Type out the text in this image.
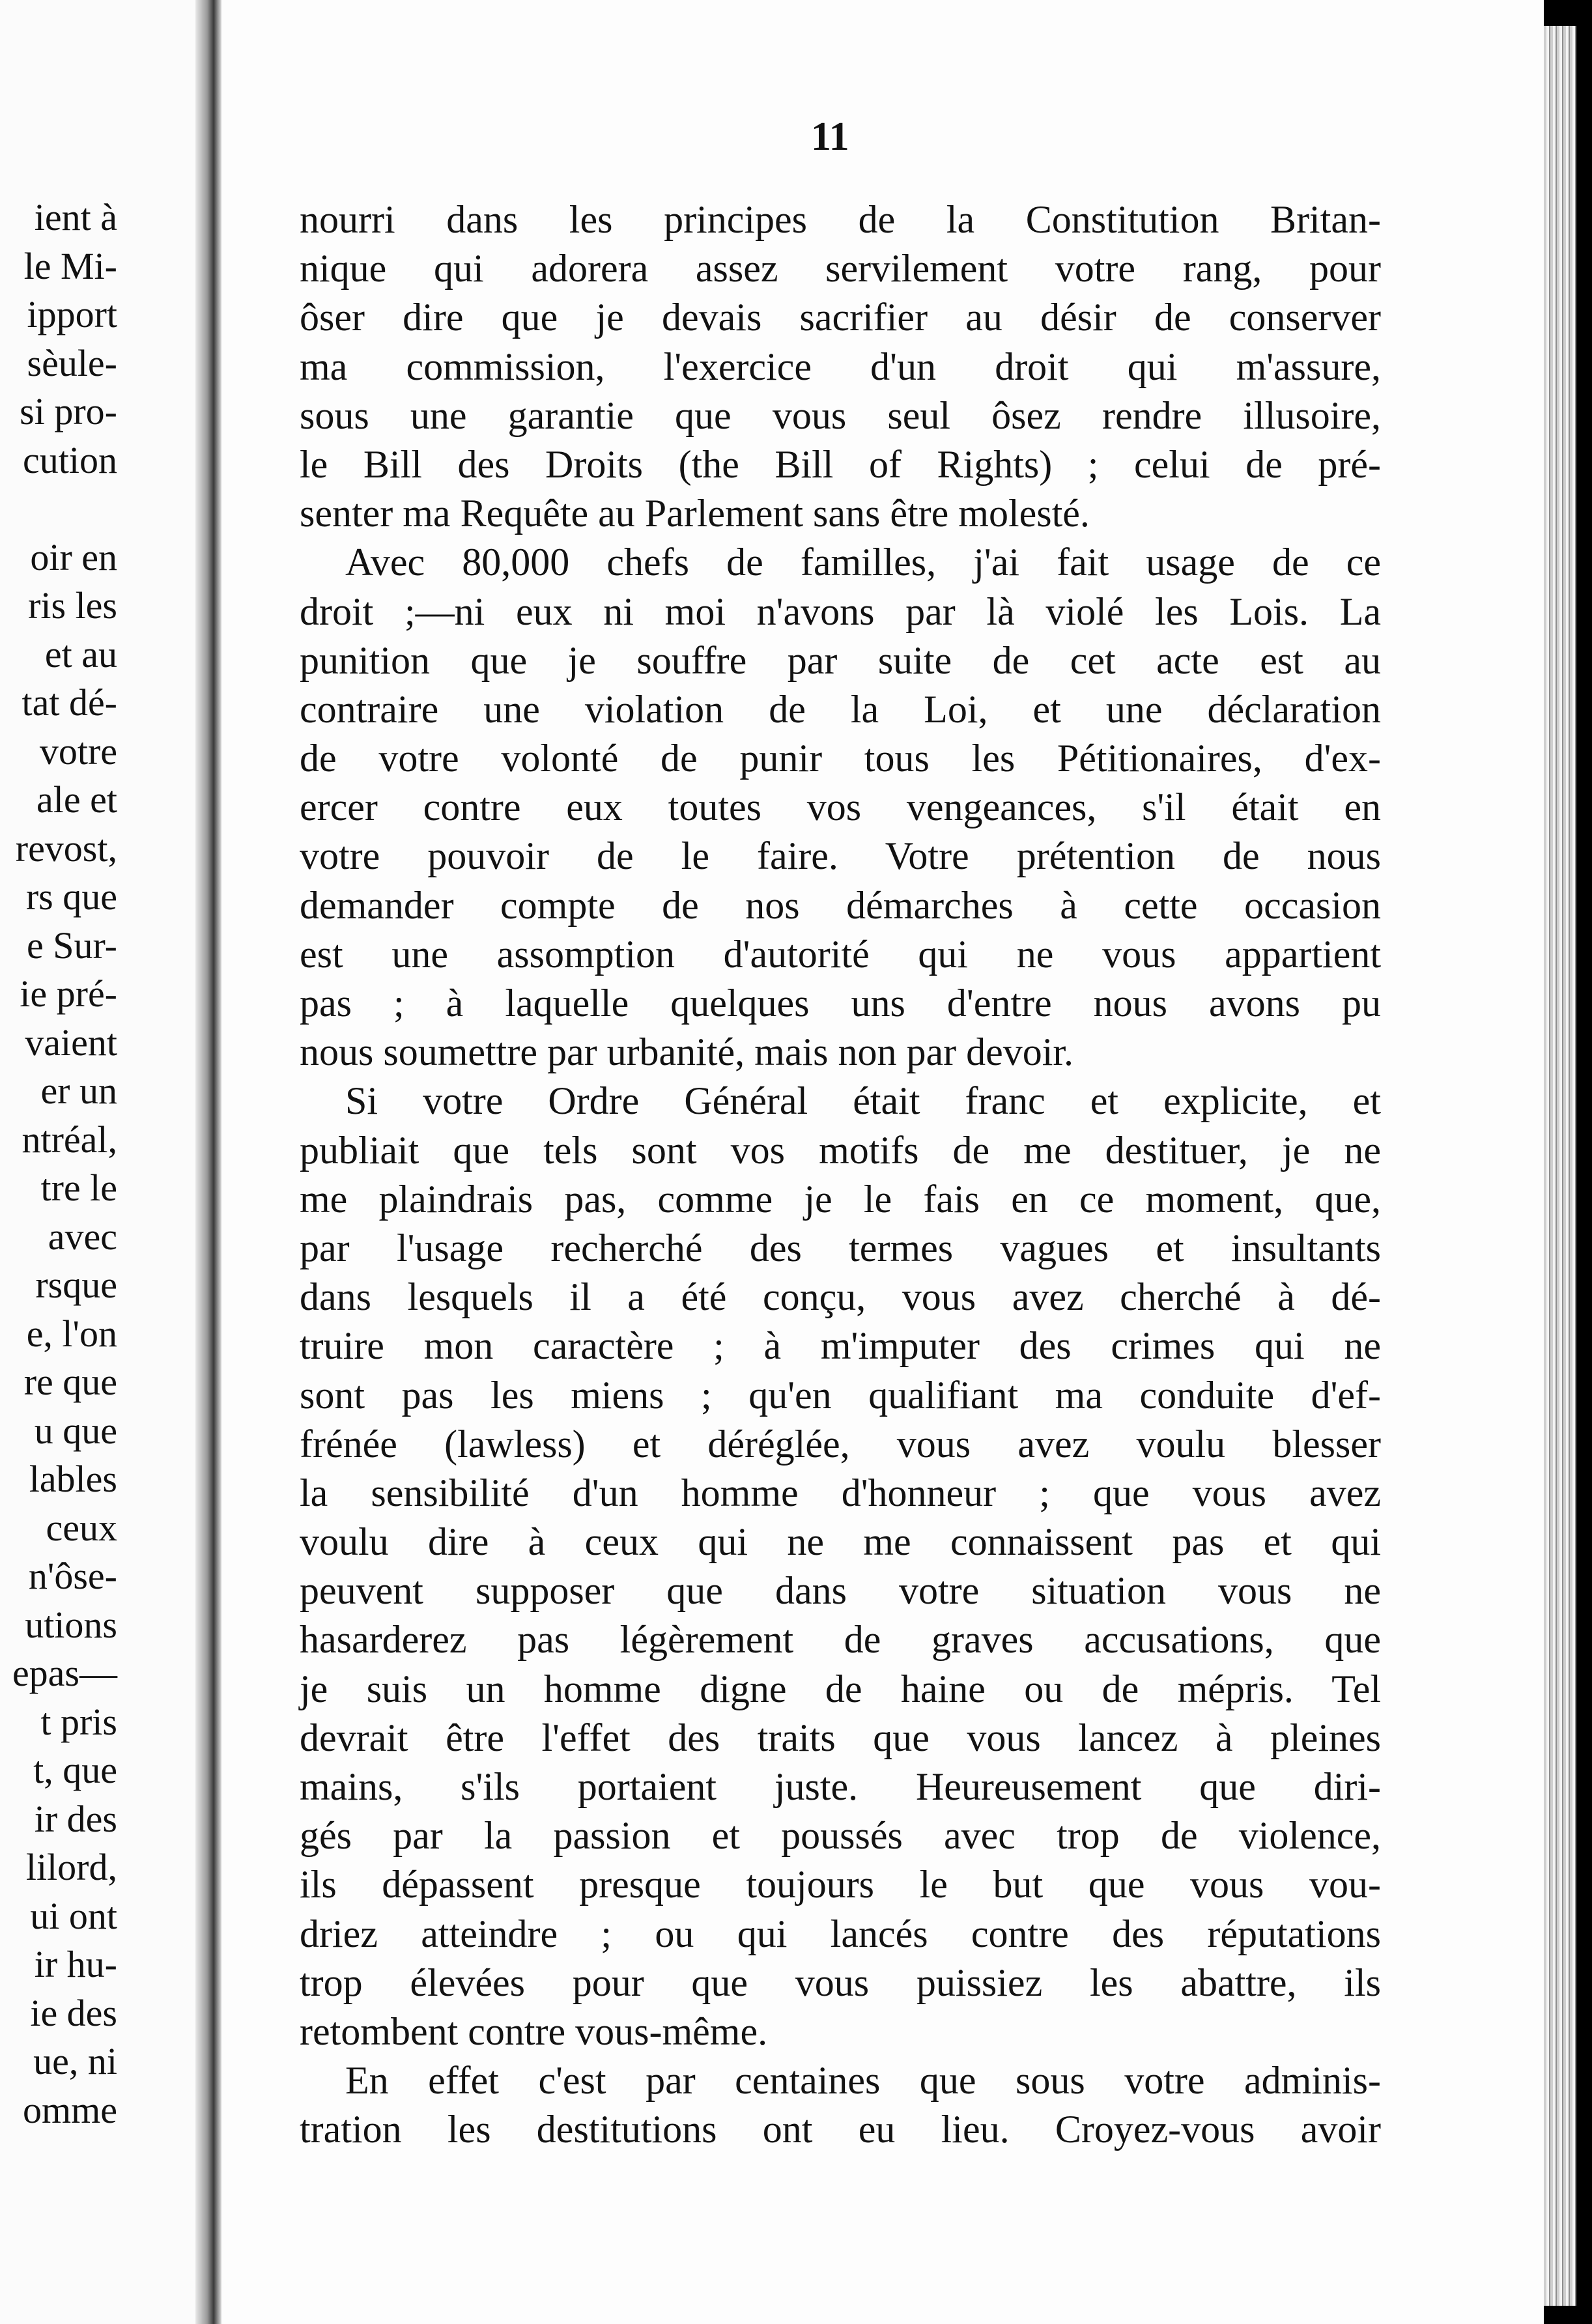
ient à
le Mi-
ipport
sèule-
si pro-
cution
oir en
ris les
et au
tat dé-
votre
ale et
revost,
rs que
e Sur-
ie pré-
vaient
er un
ntréal,
tre le
avec
rsque
e, l'on
re que
u que
lables
ceux
n'ôse-
utions
epas—
t pris
t, que
ir des
lilord,
ui ont
ir hu-
ie des
ue, ni
omme

11

nourri dans les principes de la Constitution Britan-
nique qui adorera assez servilement votre rang, pour
ôser dire que je devais sacrifier au désir de conserver
ma commission, l'exercice d'un droit qui m'assure,
sous une garantie que vous seul ôsez rendre illusoire,
le Bill des Droits (the Bill of Rights) ; celui de pré-
senter ma Requête au Parlement sans être molesté.
Avec 80,000 chefs de familles, j'ai fait usage de ce
droit ;—ni eux ni moi n'avons par là violé les Lois. La
punition que je souffre par suite de cet acte est au
contraire une violation de la Loi, et une déclaration
de votre volonté de punir tous les Pétitionaires, d'ex-
ercer contre eux toutes vos vengeances, s'il était en
votre pouvoir de le faire. Votre prétention de nous
demander compte de nos démarches à cette occasion
est une assomption d'autorité qui ne vous appartient
pas ; à laquelle quelques uns d'entre nous avons pu
nous soumettre par urbanité, mais non par devoir.
Si votre Ordre Général était franc et explicite, et
publiait que tels sont vos motifs de me destituer, je ne
me plaindrais pas, comme je le fais en ce moment, que,
par l'usage recherché des termes vagues et insultants
dans lesquels il a été conçu, vous avez cherché à dé-
truire mon caractère ; à m'imputer des crimes qui ne
sont pas les miens ; qu'en qualifiant ma conduite d'ef-
frénée (lawless) et déréglée, vous avez voulu blesser
la sensibilité d'un homme d'honneur ; que vous avez
voulu dire à ceux qui ne me connaissent pas et qui
peuvent supposer que dans votre situation vous ne
hasarderez pas légèrement de graves accusations, que
je suis un homme digne de haine ou de mépris. Tel
devrait être l'effet des traits que vous lancez à pleines
mains, s'ils portaient juste. Heureusement que diri-
gés par la passion et poussés avec trop de violence,
ils dépassent presque toujours le but que vous vou-
driez atteindre ; ou qui lancés contre des réputations
trop élevées pour que vous puissiez les abattre, ils
retombent contre vous-même.
En effet c'est par centaines que sous votre adminis-
tration les destitutions ont eu lieu. Croyez-vous avoir
